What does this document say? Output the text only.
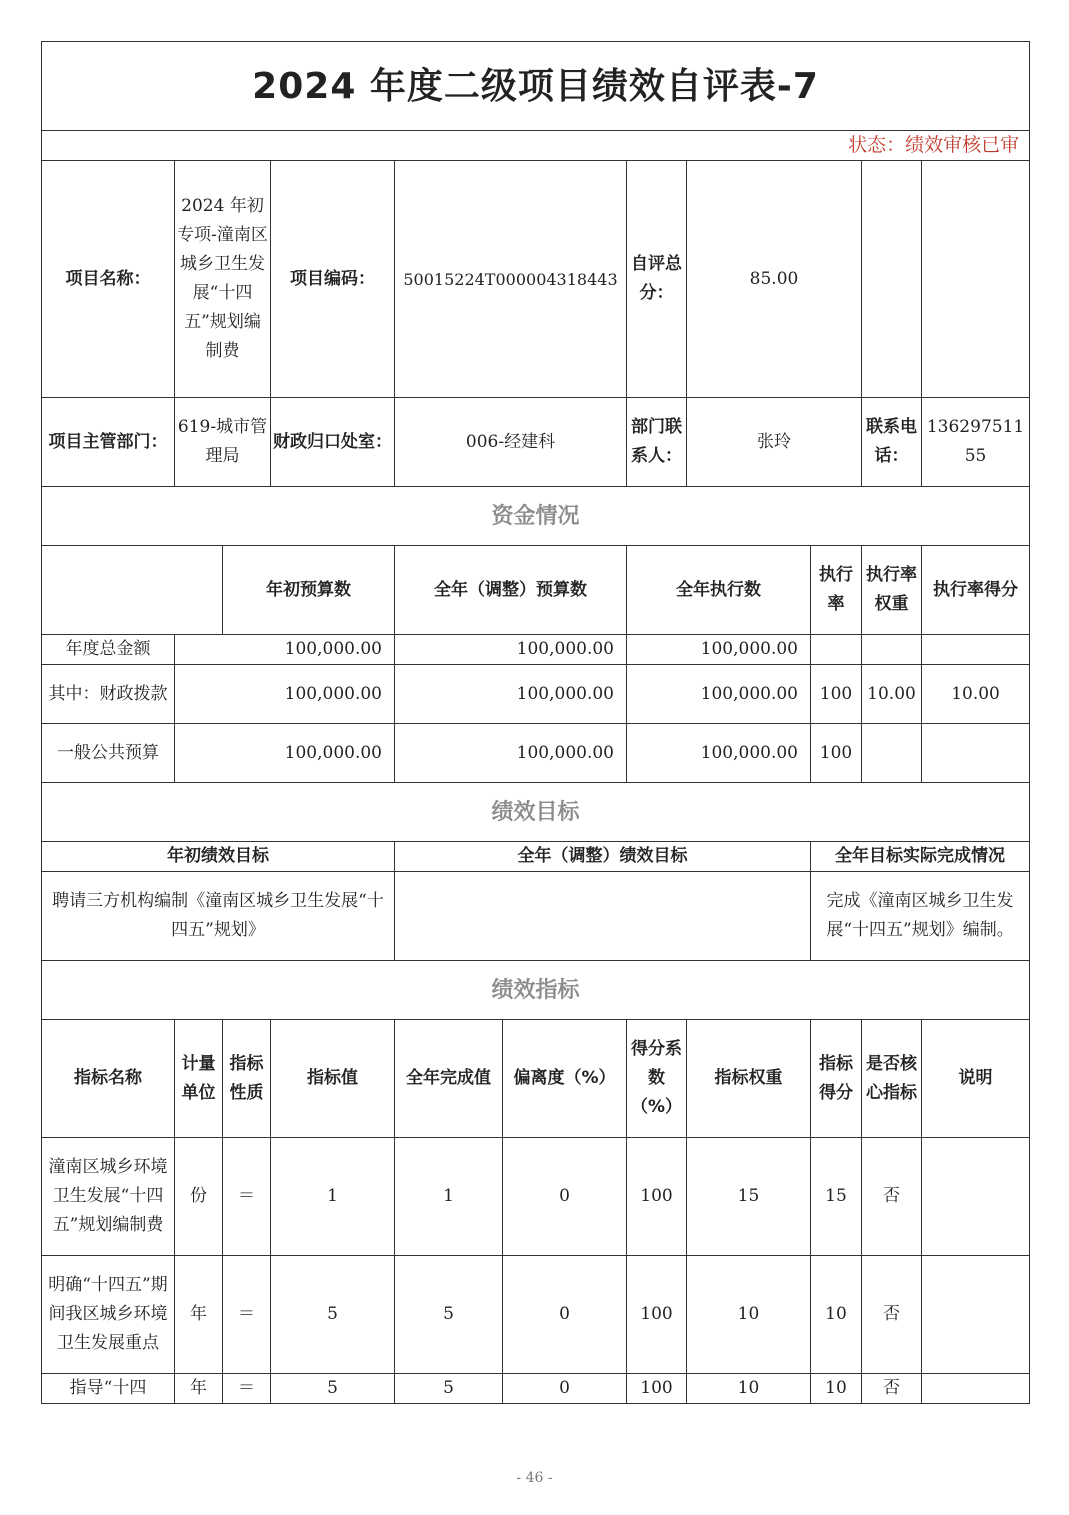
2024 年度二级项目绩效自评表-7										
状态：绩效审核已审										
项目名称：	2024 年初专项-潼南区城乡卫生发展“十四五”规划编制费		项目编码：	50015224T000004318443		自评总分：	85.00			
项目主管部门：	619-城市管理局		财政归口处室：	006-经建科		部门联系人：	张玲		联系电话：	13629751155
资金情况										
		年初预算数		全年（调整）预算数		全年执行数		执行率	执行率权重	执行率得分
年度总金额	100,000.00			100,000.00		100,000.00				
其中：财政拨款	100,000.00			100,000.00		100,000.00		100	10.00	10.00
一般公共预算	100,000.00			100,000.00		100,000.00		100		
绩效目标										
年初绩效目标				全年（调整）绩效目标				全年目标实际完成情况		
聘请三方机构编制《潼南区城乡卫生发展“十四五”规划》								完成《潼南区城乡卫生发展“十四五”规划》编制。		
绩效指标										
指标名称	计量单位	指标性质	指标值	全年完成值	偏离度（%）	得分系数（%）	指标权重	指标得分	是否核心指标	说明
潼南区城乡环境卫生发展“十四五”规划编制费	份	＝	1	1	0	100	15	15	否	
明确“十四五”期间我区城乡环境卫生发展重点	年	＝	5	5	0	100	10	10	否	
指导“十四	年	＝	5	5	0	100	10	10	否	
- 46 -
